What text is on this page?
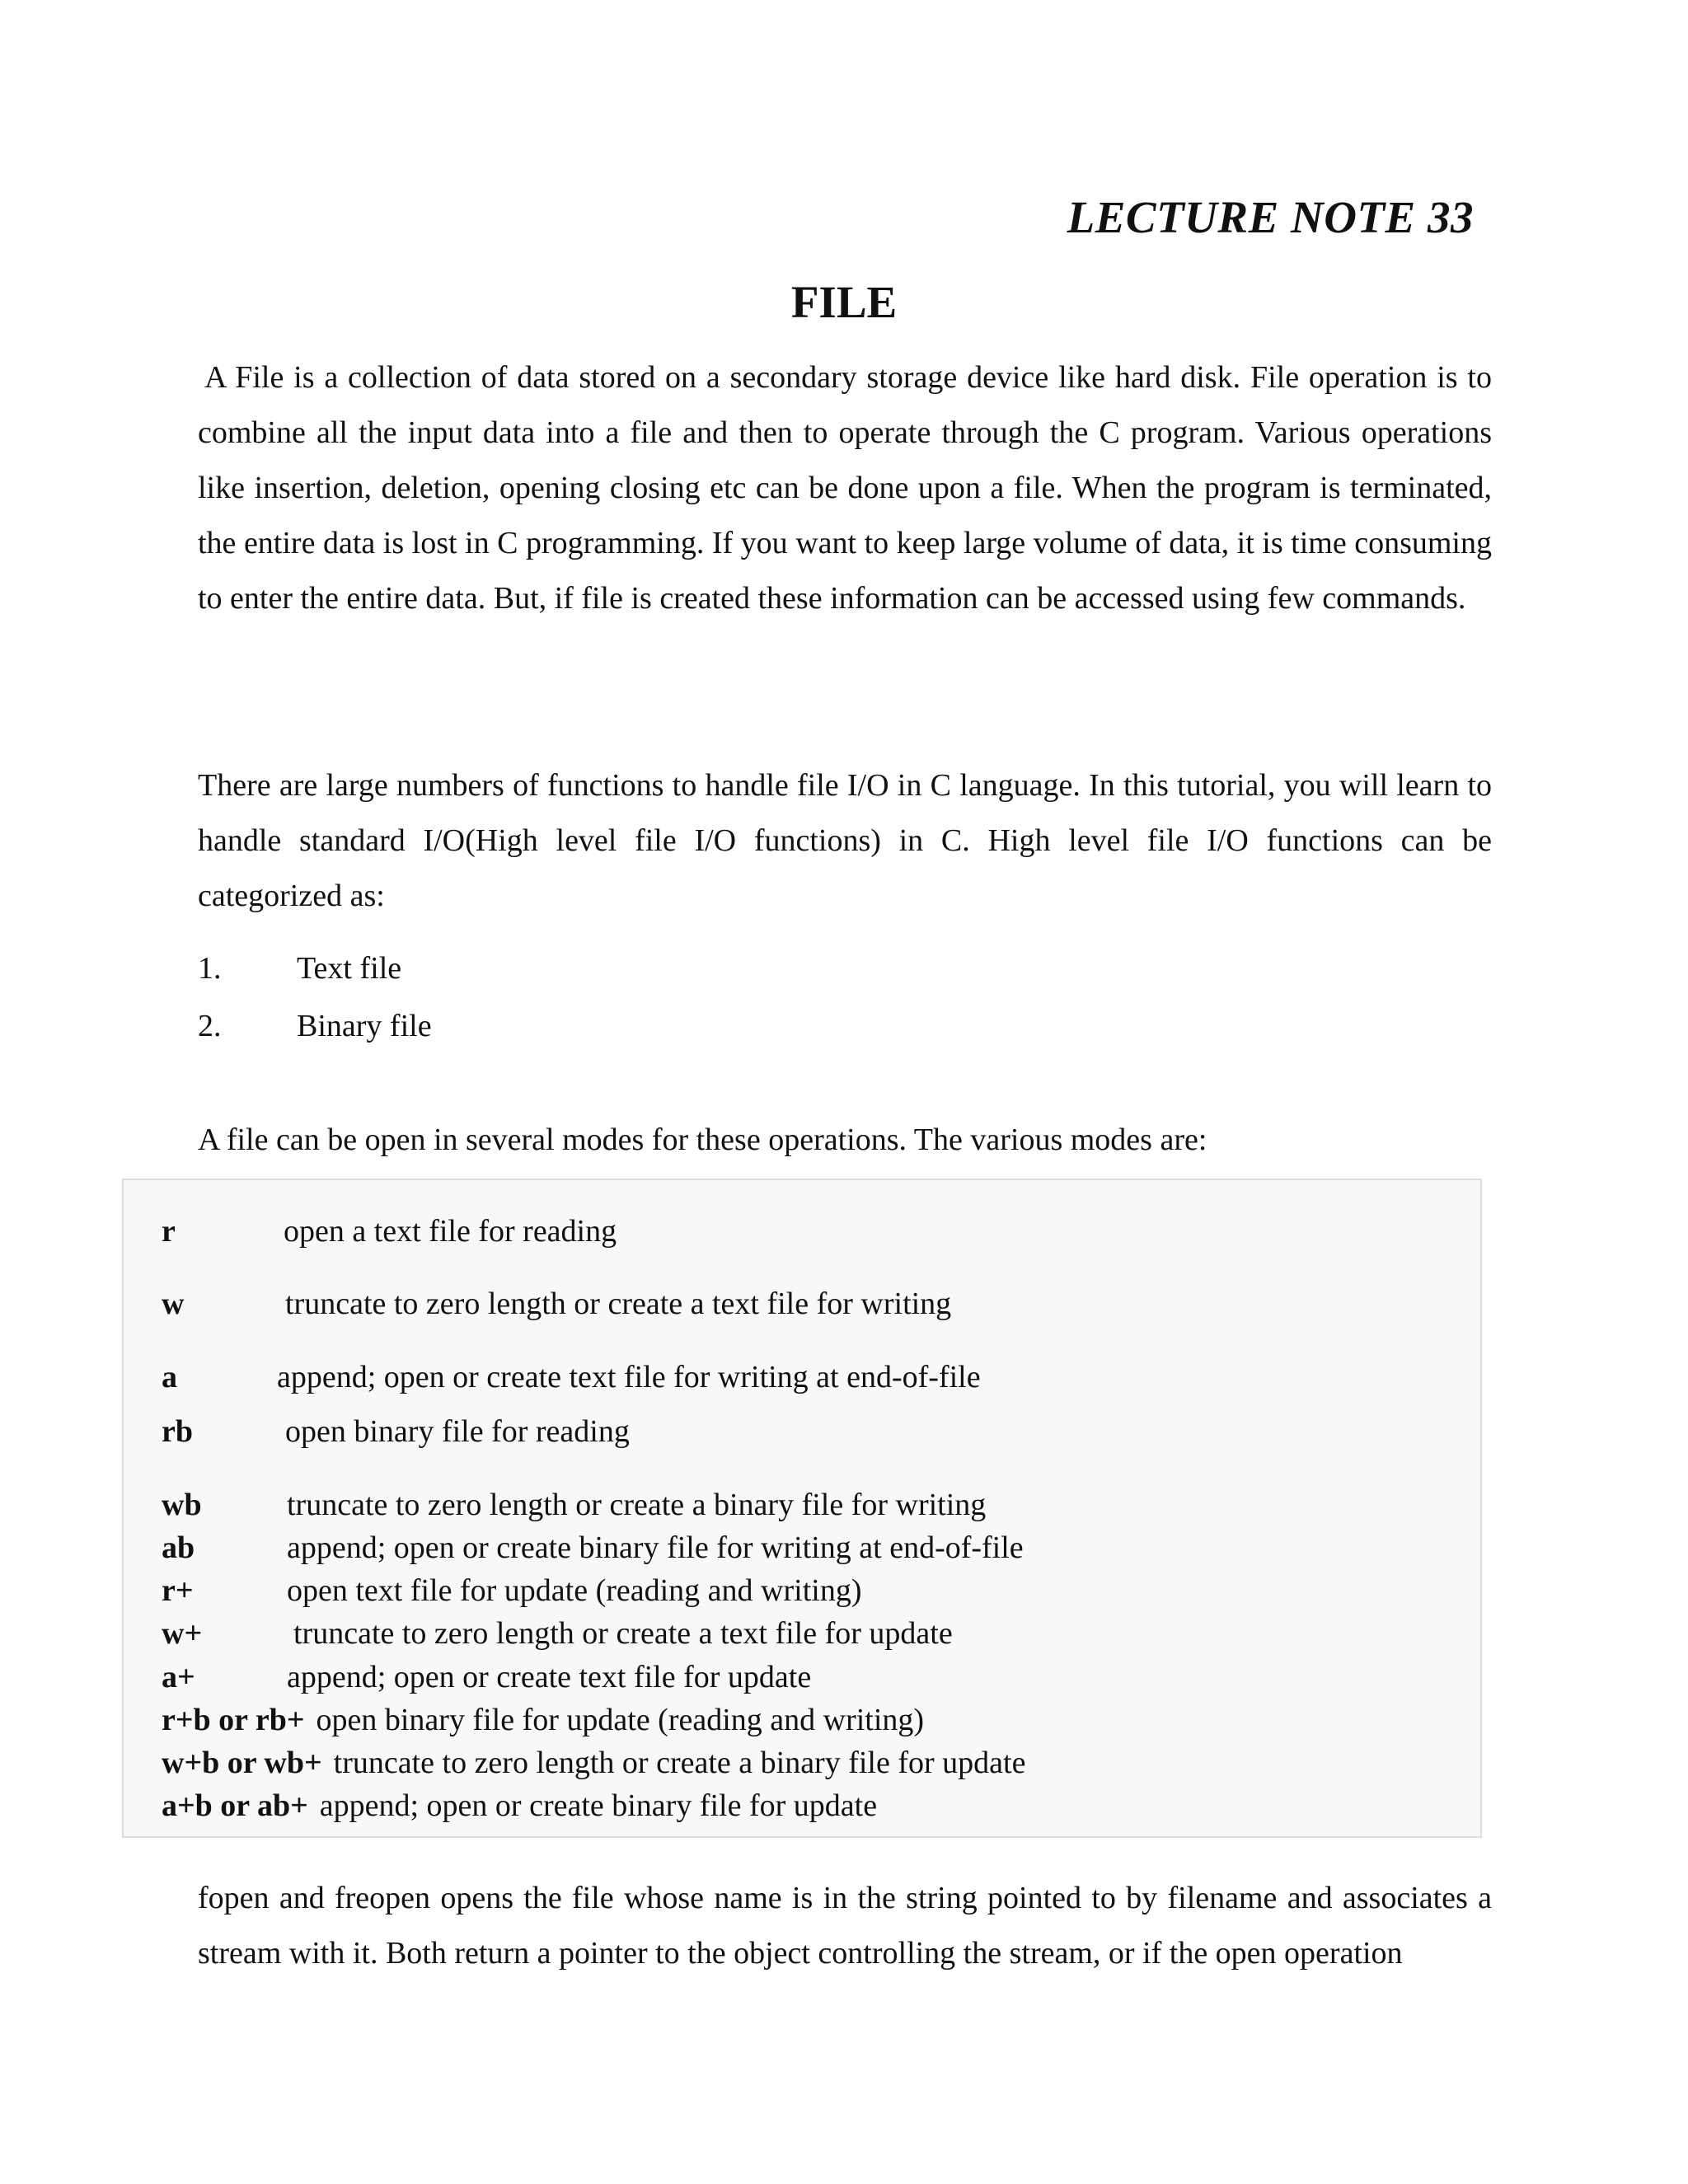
LECTURE NOTE 33
FILE

A File is a collection of data stored on a secondary storage device like hard disk. File operation is to combine all the input data into a file and then to operate through the C program. Various operations like insertion, deletion, opening closing etc can be done upon a file. When the program is terminated, the entire data is lost in C programming. If you want to keep large volume of data, it is time consuming to enter the entire data. But, if file is created these information can be accessed using few commands.

There are large numbers of functions to handle file I/O in C language. In this tutorial, you will learn to handle standard I/O(High level file I/O functions) in C. High level file I/O functions can be categorized as:

1.	Text file
2.	Binary file

A file can be open in several modes for these operations. The various modes are:

r	open a text file for reading
w	truncate to zero length or create a text file for writing
a	append; open or create text file for writing at end-of-file
rb	open binary file for reading
wb	truncate to zero length or create a binary file for writing
ab	append; open or create binary file for writing at end-of-file
r+	open text file for update (reading and writing)
w+	truncate to zero length or create a text file for update
a+	append; open or create text file for update
r+b or rb+ open binary file for update (reading and writing)
w+b or wb+ truncate to zero length or create a binary file for update
a+b or ab+ append; open or create binary file for update

fopen and freopen opens the file whose name is in the string pointed to by filename and associates a stream with it. Both return a pointer to the object controlling the stream, or if the open operation
